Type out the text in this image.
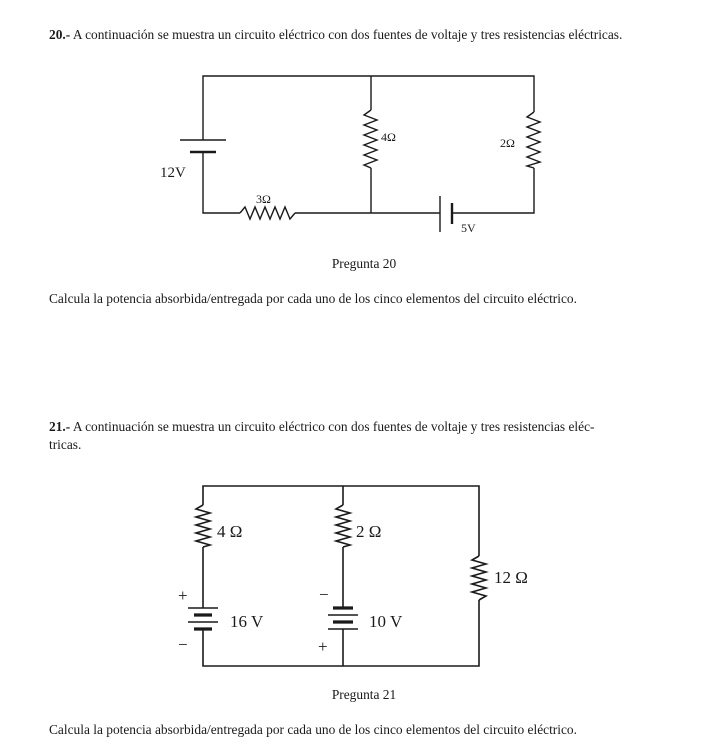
20.- A continuación se muestra un circuito eléctrico con dos fuentes de voltaje y tres resistencias eléctricas.
12V
5V
3Ω
4Ω	2Ω
Pregunta 20
Calcula la potencia absorbida/entregada por cada uno de los cinco elementos del circuito eléctrico.
21.- A continuación se muestra un circuito eléctrico con dos fuentes de voltaje y tres resistencias eléc-
tricas.
4 Ω	2 Ω
12 Ω
16 V	10 V
+
−
−
+
Pregunta 21
Calcula la potencia absorbida/entregada por cada uno de los cinco elementos del circuito eléctrico.
